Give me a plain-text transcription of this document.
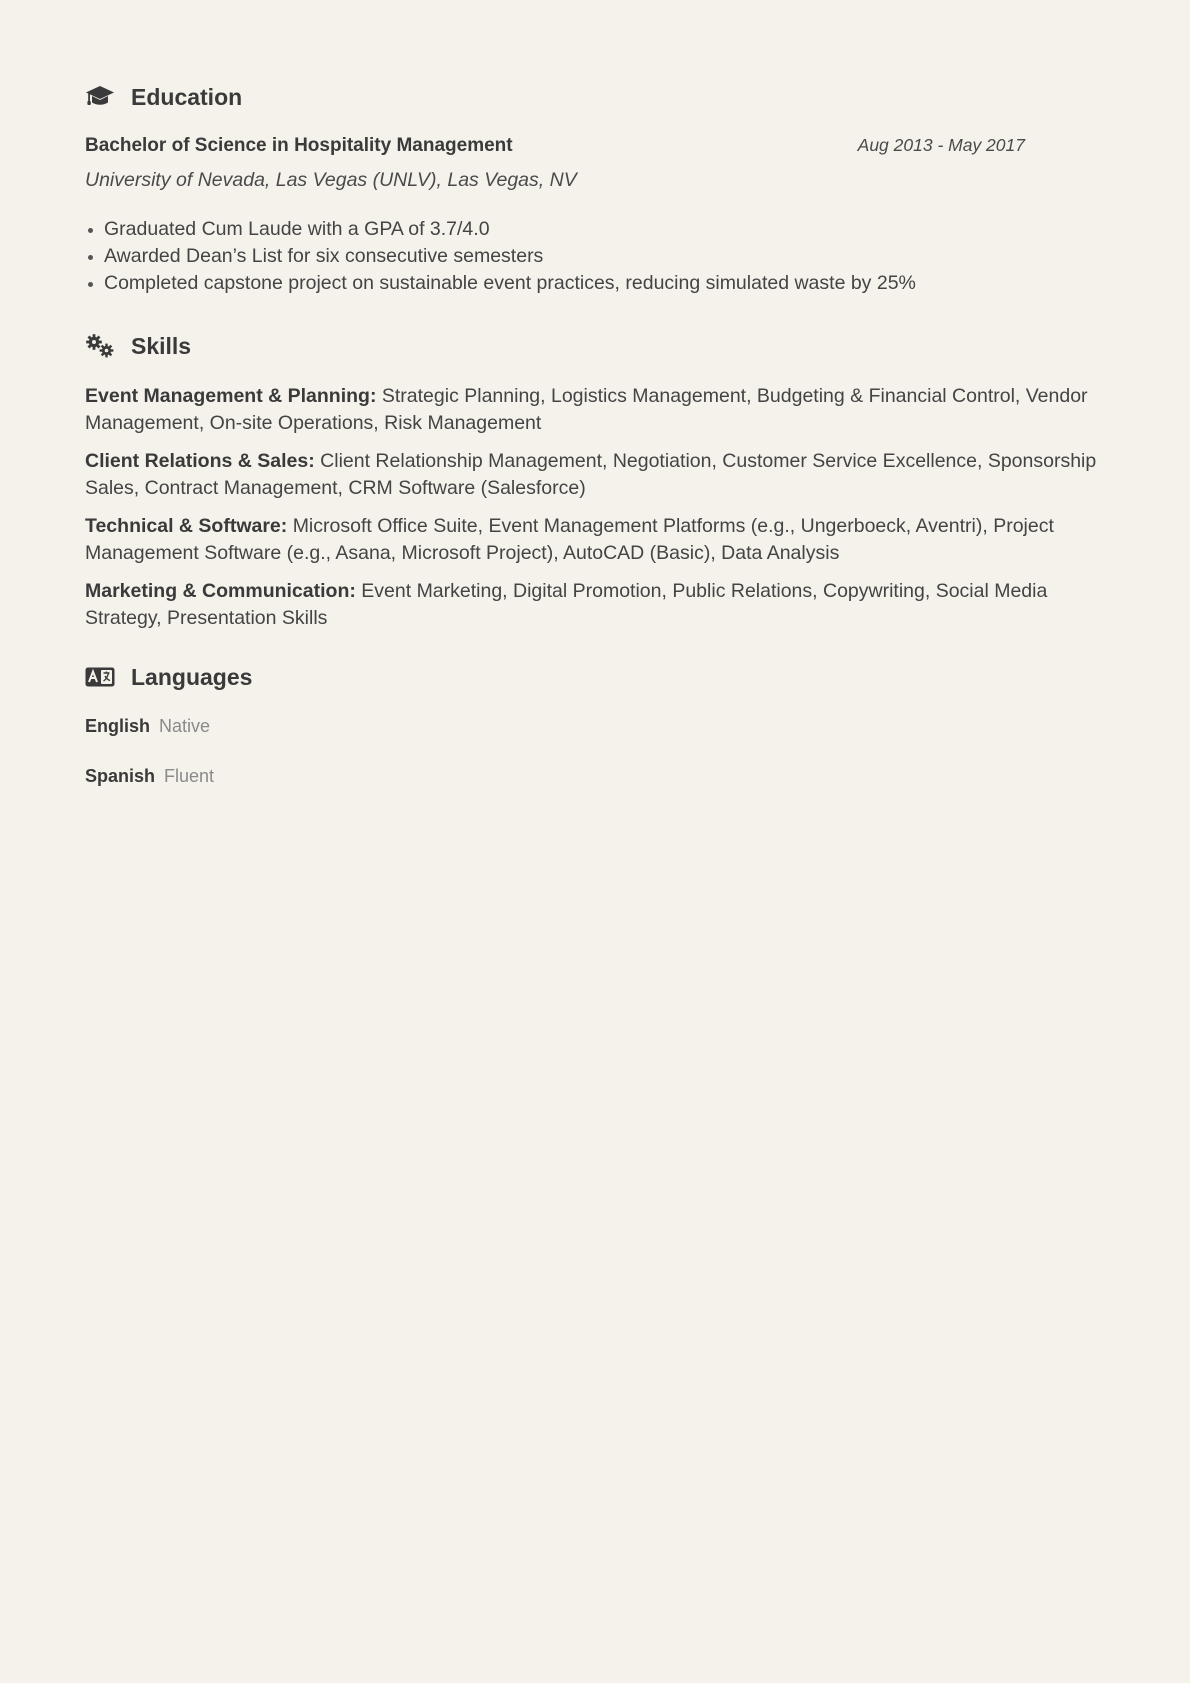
Education
Bachelor of Science in Hospitality Management	Aug 2013 - May 2017
University of Nevada, Las Vegas (UNLV), Las Vegas, NV
Graduated Cum Laude with a GPA of 3.7/4.0
Awarded Dean’s List for six consecutive semesters
Completed capstone project on sustainable event practices, reducing simulated waste by 25%
Skills
Event Management & Planning: Strategic Planning, Logistics Management, Budgeting & Financial Control, Vendor Management, On-site Operations, Risk Management
Client Relations & Sales: Client Relationship Management, Negotiation, Customer Service Excellence, Sponsorship Sales, Contract Management, CRM Software (Salesforce)
Technical & Software: Microsoft Office Suite, Event Management Platforms (e.g., Ungerboeck, Aventri), Project Management Software (e.g., Asana, Microsoft Project), AutoCAD (Basic), Data Analysis
Marketing & Communication: Event Marketing, Digital Promotion, Public Relations, Copywriting, Social Media Strategy, Presentation Skills
Languages
English Native
Spanish Fluent
